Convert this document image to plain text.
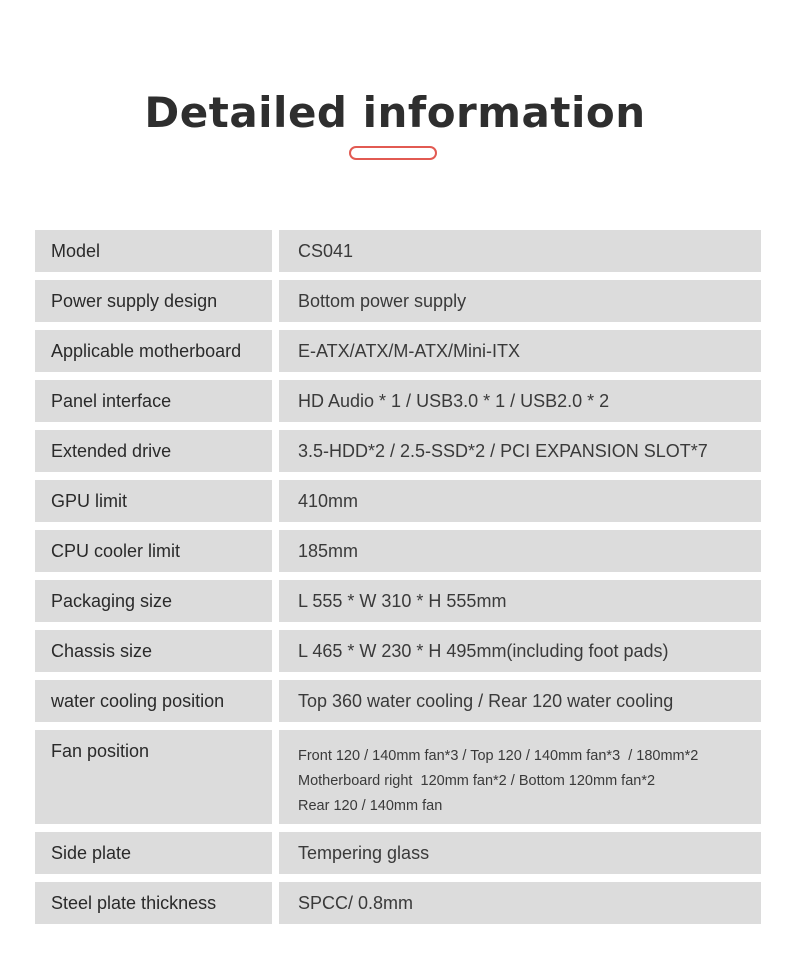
Detailed information
Model	CS041
Power supply design	Bottom power supply
Applicable motherboard	E-ATX/ATX/M-ATX/Mini-ITX
Panel interface	HD Audio * 1 / USB3.0 * 1 / USB2.0 * 2
Extended drive	3.5-HDD*2 / 2.5-SSD*2 / PCI EXPANSION SLOT*7
GPU limit	410mm
CPU cooler limit	185mm
Packaging size	L 555 * W 310 * H 555mm
Chassis size	L 465 * W 230 * H 495mm(including foot pads)
water cooling position	Top 360 water cooling / Rear 120 water cooling
Fan position	Front 120 / 140mm fan*3 / Top 120 / 140mm fan*3  / 180mm*2
Motherboard right  120mm fan*2 / Bottom 120mm fan*2
Rear 120 / 140mm fan
Side plate	Tempering glass
Steel plate thickness	SPCC/ 0.8mm
